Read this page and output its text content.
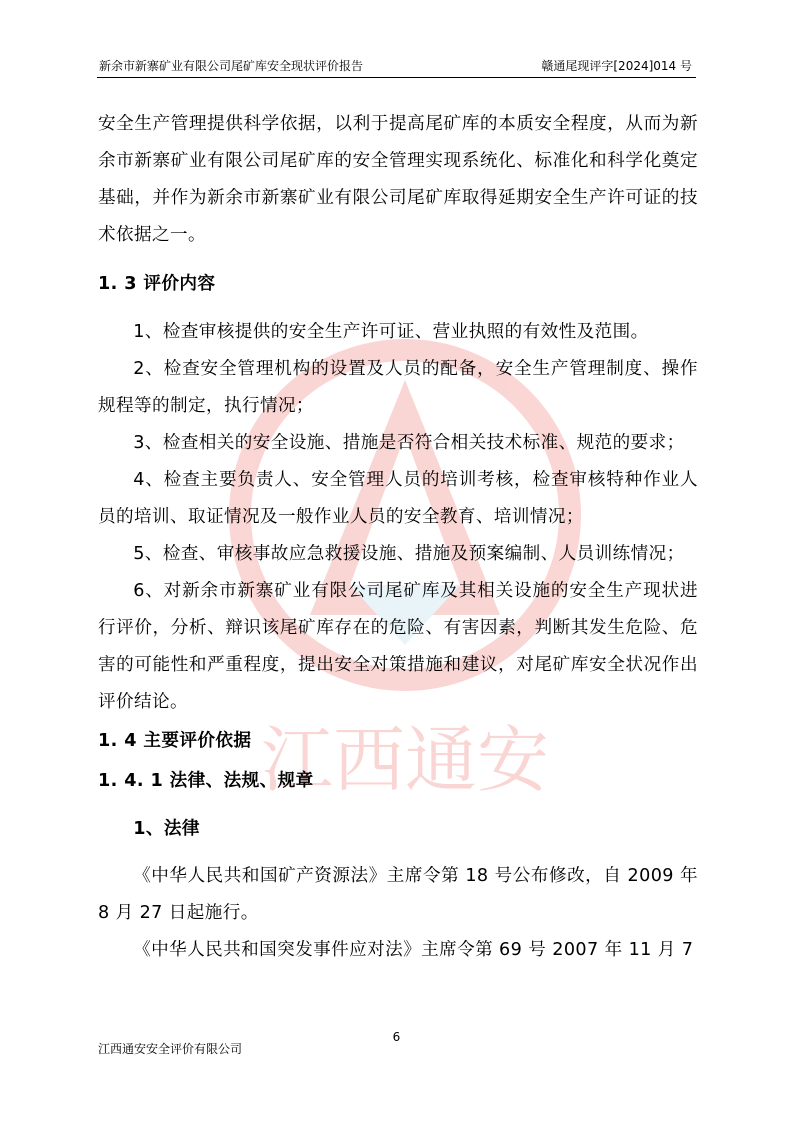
新余市新寨矿业有限公司尾矿库安全现状评价报告	赣通尾现评字[2024]014 号
江西通安

安全生产管理提供科学依据，以利于提高尾矿库的本质安全程度，从而为新余市新寨矿业有限公司尾矿库的安全管理实现系统化、标准化和科学化奠定基础，并作为新余市新寨矿业有限公司尾矿库取得延期安全生产许可证的技术依据之一。

1. 3 评价内容

1、检查审核提供的安全生产许可证、营业执照的有效性及范围。

2、检查安全管理机构的设置及人员的配备，安全生产管理制度、操作规程等的制定，执行情况；

3、检查相关的安全设施、措施是否符合相关技术标准、规范的要求；

4、检查主要负责人、安全管理人员的培训考核，检查审核特种作业人员的培训、取证情况及一般作业人员的安全教育、培训情况；

5、检查、审核事故应急救援设施、措施及预案编制、人员训练情况；

6、对新余市新寨矿业有限公司尾矿库及其相关设施的安全生产现状进行评价，分析、辩识该尾矿库存在的危险、有害因素，判断其发生危险、危害的可能性和严重程度，提出安全对策措施和建议，对尾矿库安全状况作出评价结论。

1. 4 主要评价依据

1. 4. 1 法律、法规、规章

1、法律

《中华人民共和国矿产资源法》主席令第 18 号公布修改，自 2009 年 8 月 27 日起施行。

《中华人民共和国突发事件应对法》主席令第 69 号 2007 年 11 月 7

6
江西通安安全评价有限公司
